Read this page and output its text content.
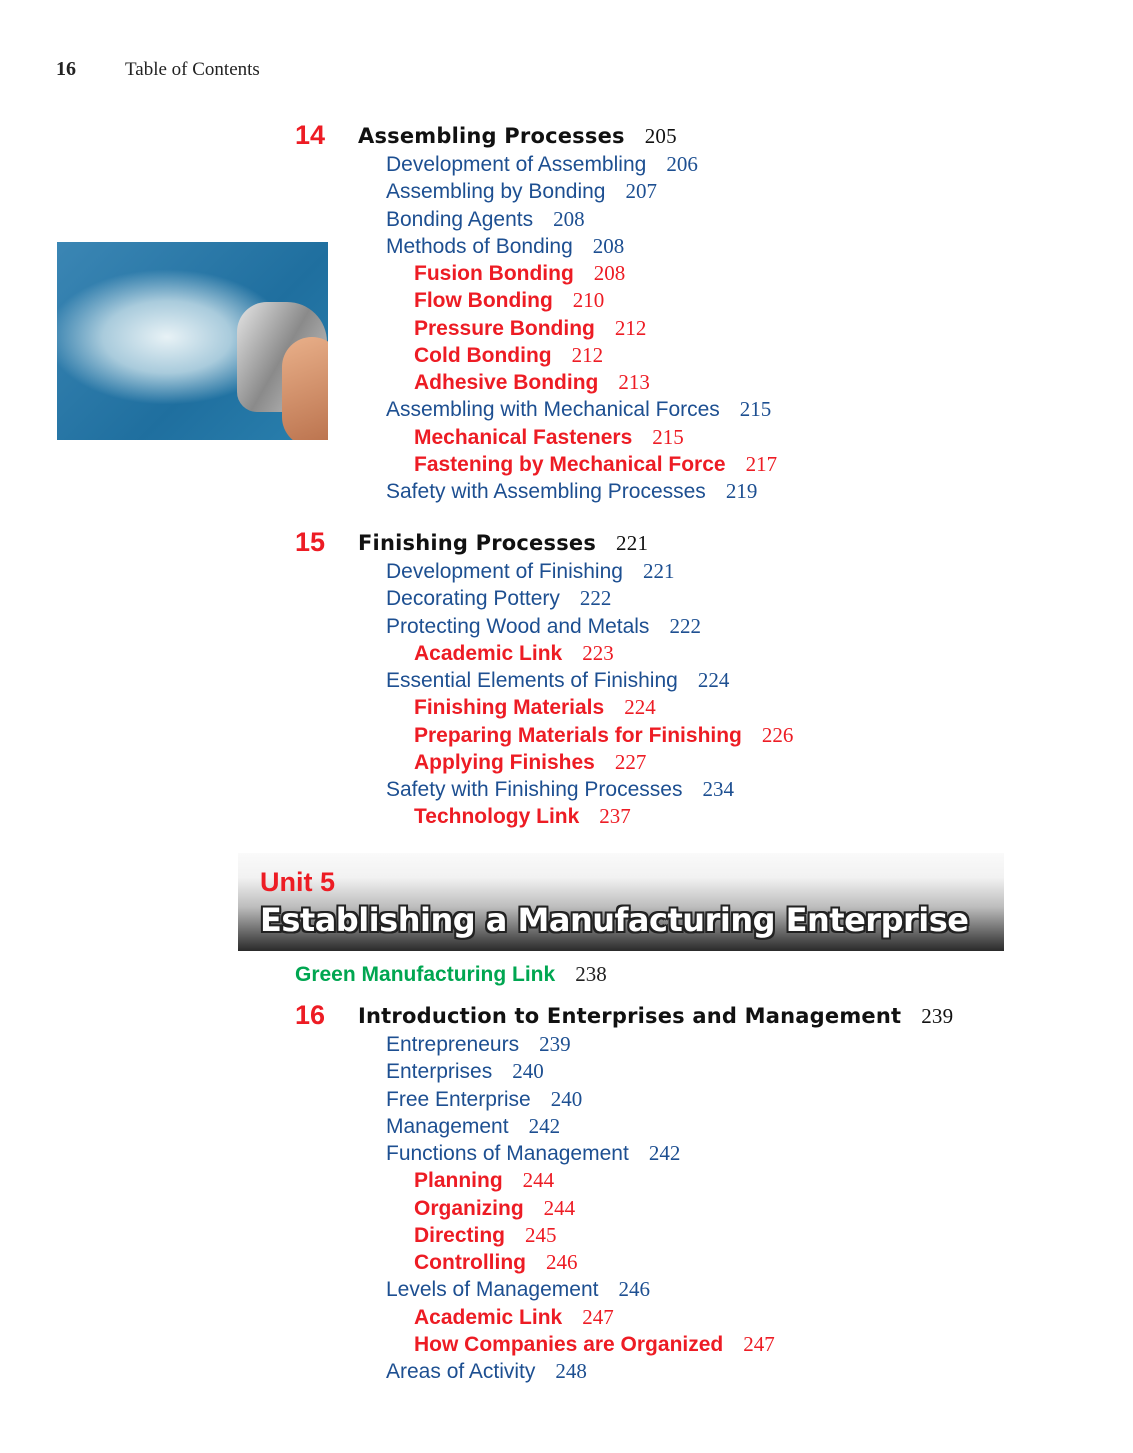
16	Table of Contents
14 Assembling Processes 205
Development of Assembling 206
Assembling by Bonding 207
Bonding Agents 208
Methods of Bonding 208
Fusion Bonding 208
Flow Bonding 210
Pressure Bonding 212
Cold Bonding 212
Adhesive Bonding 213
Assembling with Mechanical Forces 215
Mechanical Fasteners 215
Fastening by Mechanical Force 217
Safety with Assembling Processes 219
15 Finishing Processes 221
Development of Finishing 221
Decorating Pottery 222
Protecting Wood and Metals 222
Academic Link 223
Essential Elements of Finishing 224
Finishing Materials 224
Preparing Materials for Finishing 226
Applying Finishes 227
Safety with Finishing Processes 234
Technology Link 237
Unit 5
Establishing a Manufacturing Enterprise
Green Manufacturing Link 238
16 Introduction to Enterprises and Management 239
Entrepreneurs 239
Enterprises 240
Free Enterprise 240
Management 242
Functions of Management 242
Planning 244
Organizing 244
Directing 245
Controlling 246
Levels of Management 246
Academic Link 247
How Companies are Organized 247
Areas of Activity 248
